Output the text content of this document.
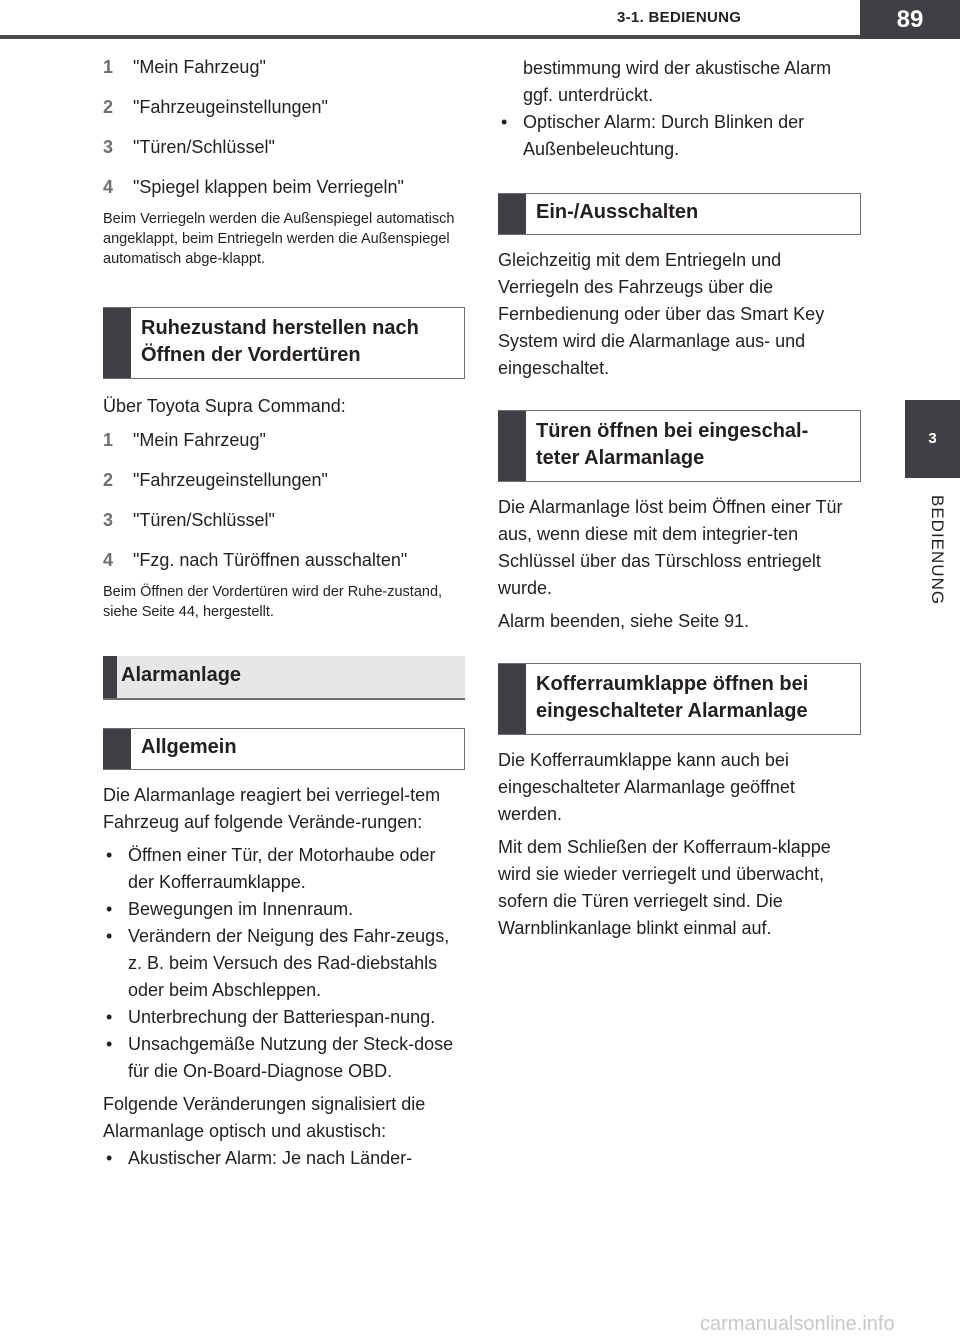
3-1. BEDIENUNG	89
3
BEDIENUNG
1	"Mein Fahrzeug"
2	"Fahrzeugeinstellungen"
3	"Türen/Schlüssel"
4	"Spiegel klappen beim Verriegeln"

Beim Verriegeln werden die Außenspiegel automatisch angeklappt, beim Entriegeln werden die Außenspiegel automatisch abge-klappt.

Ruhezustand herstellen nach Öffnen der Vordertüren

Über Toyota Supra Command:

1	"Mein Fahrzeug"
2	"Fahrzeugeinstellungen"
3	"Türen/Schlüssel"
4	"Fzg. nach Türöffnen ausschalten"

Beim Öffnen der Vordertüren wird der Ruhe-zustand, siehe Seite 44, hergestellt.

Alarmanlage
Allgemein

Die Alarmanlage reagiert bei verriegel-tem Fahrzeug auf folgende Verände-rungen:

• Öffnen einer Tür, der Motorhaube oder der Kofferraumklappe.
• Bewegungen im Innenraum.
• Verändern der Neigung des Fahr-zeugs, z. B. beim Versuch des Rad-diebstahls oder beim Abschleppen.
• Unterbrechung der Batteriespan-nung.
• Unsachgemäße Nutzung der Steck-dose für die On-Board-Diagnose OBD.

Folgende Veränderungen signalisiert die Alarmanlage optisch und akustisch:

• Akustischer Alarm: Je nach Länder-
bestimmung wird der akustische Alarm ggf. unterdrückt.
• Optischer Alarm: Durch Blinken der Außenbeleuchtung.
Ein-/Ausschalten

Gleichzeitig mit dem Entriegeln und Verriegeln des Fahrzeugs über die Fernbedienung oder über das Smart Key System wird die Alarmanlage aus- und eingeschaltet.

Türen öffnen bei eingeschal-teter Alarmanlage

Die Alarmanlage löst beim Öffnen einer Tür aus, wenn diese mit dem integrier-ten Schlüssel über das Türschloss entriegelt wurde.

Alarm beenden, siehe Seite 91.

Kofferraumklappe öffnen bei eingeschalteter Alarmanlage

Die Kofferraumklappe kann auch bei eingeschalteter Alarmanlage geöffnet werden.

Mit dem Schließen der Kofferraum-klappe wird sie wieder verriegelt und überwacht, sofern die Türen verriegelt sind. Die Warnblinkanlage blinkt einmal auf.

carmanualsonline.info
